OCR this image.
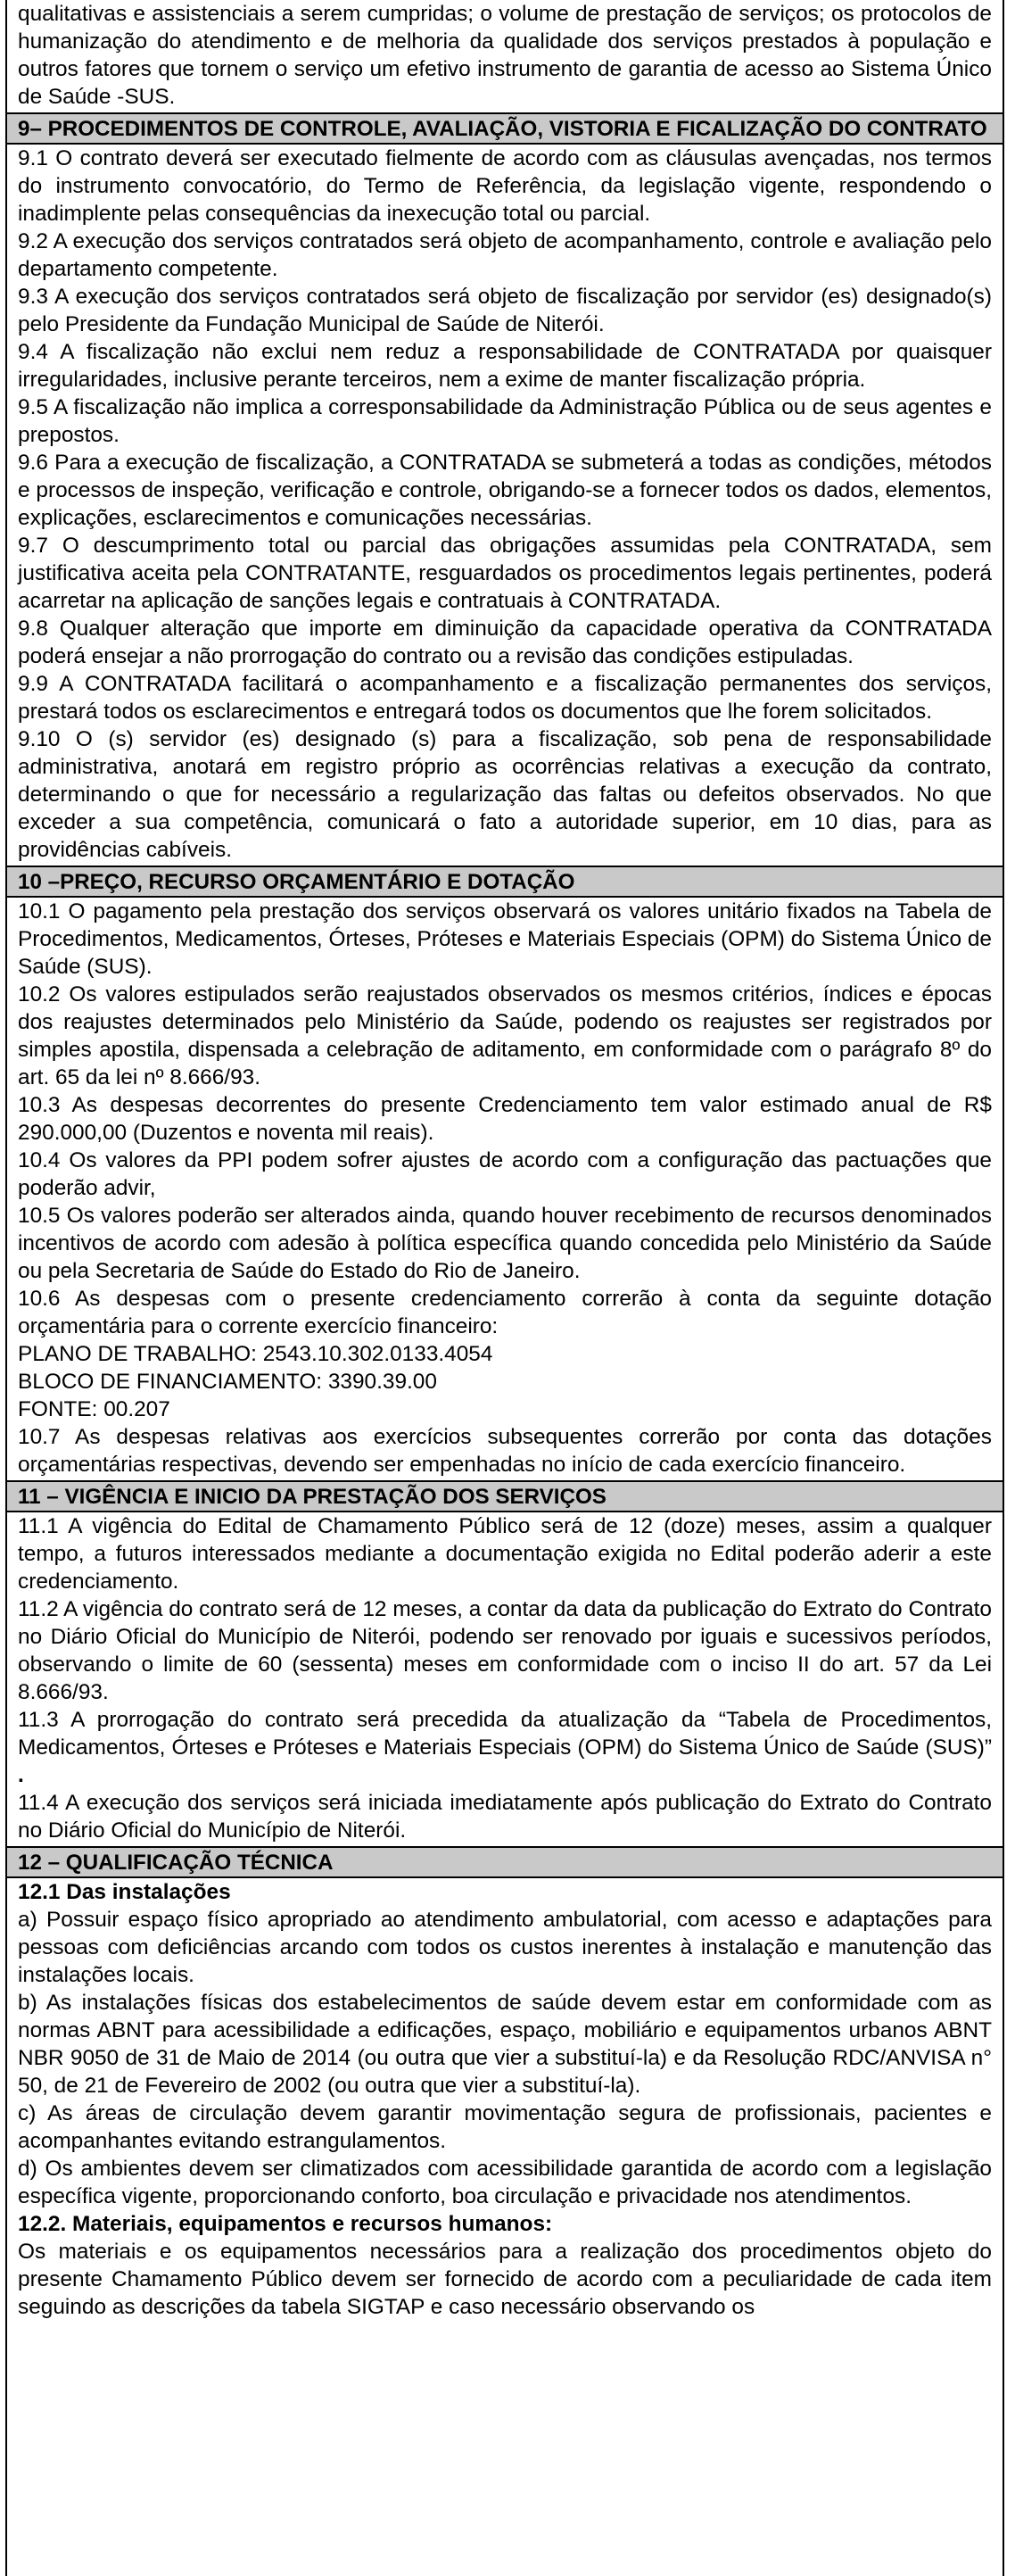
qualitativas e assistenciais a serem cumpridas; o volume de prestação de serviços; os protocolos de humanização do atendimento e de melhoria da qualidade dos serviços prestados à população e outros fatores que tornem o serviço um efetivo instrumento de garantia de acesso ao Sistema Único de Saúde -SUS.

9– PROCEDIMENTOS DE CONTROLE, AVALIAÇÃO, VISTORIA E FICALIZAÇÃO DO CONTRATO

9.1 O contrato deverá ser executado fielmente de acordo com as cláusulas avençadas, nos termos do instrumento convocatório, do Termo de Referência, da legislação vigente, respondendo o inadimplente pelas consequências da inexecução total ou parcial.

9.2 A execução dos serviços contratados será objeto de acompanhamento, controle e avaliação pelo departamento competente.

9.3 A execução dos serviços contratados será objeto de fiscalização por servidor (es) designado(s) pelo Presidente da Fundação Municipal de Saúde de Niterói.

9.4 A fiscalização não exclui nem reduz a responsabilidade de CONTRATADA por quaisquer irregularidades, inclusive perante terceiros, nem a exime de manter fiscalização própria.

9.5 A fiscalização não implica a corresponsabilidade da Administração Pública ou de seus agentes e prepostos.

9.6 Para a execução de fiscalização, a CONTRATADA se submeterá a todas as condições, métodos e processos de inspeção, verificação e controle, obrigando-se a fornecer todos os dados, elementos, explicações, esclarecimentos e comunicações necessárias.

9.7 O descumprimento total ou parcial das obrigações assumidas pela CONTRATADA, sem justificativa aceita pela CONTRATANTE, resguardados os procedimentos legais pertinentes, poderá acarretar na aplicação de sanções legais e contratuais à CONTRATADA.

9.8 Qualquer alteração que importe em diminuição da capacidade operativa da CONTRATADA poderá ensejar a não prorrogação do contrato ou a revisão das condições estipuladas.

9.9 A CONTRATADA facilitará o acompanhamento e a fiscalização permanentes dos serviços, prestará todos os esclarecimentos e entregará todos os documentos que lhe forem solicitados.

9.10 O (s) servidor (es) designado (s) para a fiscalização, sob pena de responsabilidade administrativa, anotará em registro próprio as ocorrências relativas a execução da contrato, determinando o que for necessário a regularização das faltas ou defeitos observados. No que exceder a sua competência, comunicará o fato a autoridade superior, em 10 dias, para as providências cabíveis.

10 –PREÇO, RECURSO ORÇAMENTÁRIO E DOTAÇÃO

10.1 O pagamento pela prestação dos serviços observará os valores unitário fixados na Tabela de Procedimentos, Medicamentos, Órteses, Próteses e Materiais Especiais (OPM) do Sistema Único de Saúde (SUS).

10.2 Os valores estipulados serão reajustados observados os mesmos critérios, índices e épocas dos reajustes determinados pelo Ministério da Saúde, podendo os reajustes ser registrados por simples apostila, dispensada a celebração de aditamento, em conformidade com o parágrafo 8º do art. 65 da lei nº 8.666/93.

10.3 As despesas decorrentes do presente Credenciamento tem valor estimado anual de R$ 290.000,00 (Duzentos e noventa mil reais).

10.4 Os valores da PPI podem sofrer ajustes de acordo com a configuração das pactuações que poderão advir,

10.5 Os valores poderão ser alterados ainda, quando houver recebimento de recursos denominados incentivos de acordo com adesão à política específica quando concedida pelo Ministério da Saúde ou pela Secretaria de Saúde do Estado do Rio de Janeiro.

10.6 As despesas com o presente credenciamento correrão à conta da seguinte dotação orçamentária para o corrente exercício financeiro:

PLANO DE TRABALHO: 2543.10.302.0133.4054

BLOCO DE FINANCIAMENTO: 3390.39.00

FONTE: 00.207

10.7 As despesas relativas aos exercícios subsequentes correrão por conta das dotações orçamentárias respectivas, devendo ser empenhadas no início de cada exercício financeiro.

11 – VIGÊNCIA E INICIO DA PRESTAÇÃO DOS SERVIÇOS

11.1 A vigência do Edital de Chamamento Público será de 12 (doze) meses, assim a qualquer tempo, a futuros interessados mediante a documentação exigida no Edital poderão aderir a este credenciamento.

11.2 A vigência do contrato será de 12 meses, a contar da data da publicação do Extrato do Contrato no Diário Oficial do Município de Niterói, podendo ser renovado por iguais e sucessivos períodos, observando o limite de 60 (sessenta) meses em conformidade com o inciso II do art. 57 da Lei 8.666/93.

11.3 A prorrogação do contrato será precedida da atualização da “Tabela de Procedimentos, Medicamentos, Órteses e Próteses e Materiais Especiais (OPM) do Sistema Único de Saúde (SUS)” .

11.4 A execução dos serviços será iniciada imediatamente após publicação do Extrato do Contrato no Diário Oficial do Município de Niterói.

12 – QUALIFICAÇÃO TÉCNICA

12.1 Das instalações

a) Possuir espaço físico apropriado ao atendimento ambulatorial, com acesso e adaptações para pessoas com deficiências arcando com todos os custos inerentes à instalação e manutenção das instalações locais.

b) As instalações físicas dos estabelecimentos de saúde devem estar em conformidade com as normas ABNT para acessibilidade a edificações, espaço, mobiliário e equipamentos urbanos ABNT NBR 9050 de 31 de Maio de 2014 (ou outra que vier a substituí-la) e da Resolução RDC/ANVISA n° 50, de 21 de Fevereiro de 2002 (ou outra que vier a substituí-la).

c) As áreas de circulação devem garantir movimentação segura de profissionais, pacientes e acompanhantes evitando estrangulamentos.

d) Os ambientes devem ser climatizados com acessibilidade garantida de acordo com a legislação específica vigente, proporcionando conforto, boa circulação e privacidade nos atendimentos.

12.2. Materiais, equipamentos e recursos humanos:

Os materiais e os equipamentos necessários para a realização dos procedimentos objeto do presente Chamamento Público devem ser fornecido de acordo com a peculiaridade de cada item seguindo as descrições da tabela SIGTAP e caso necessário observando os
